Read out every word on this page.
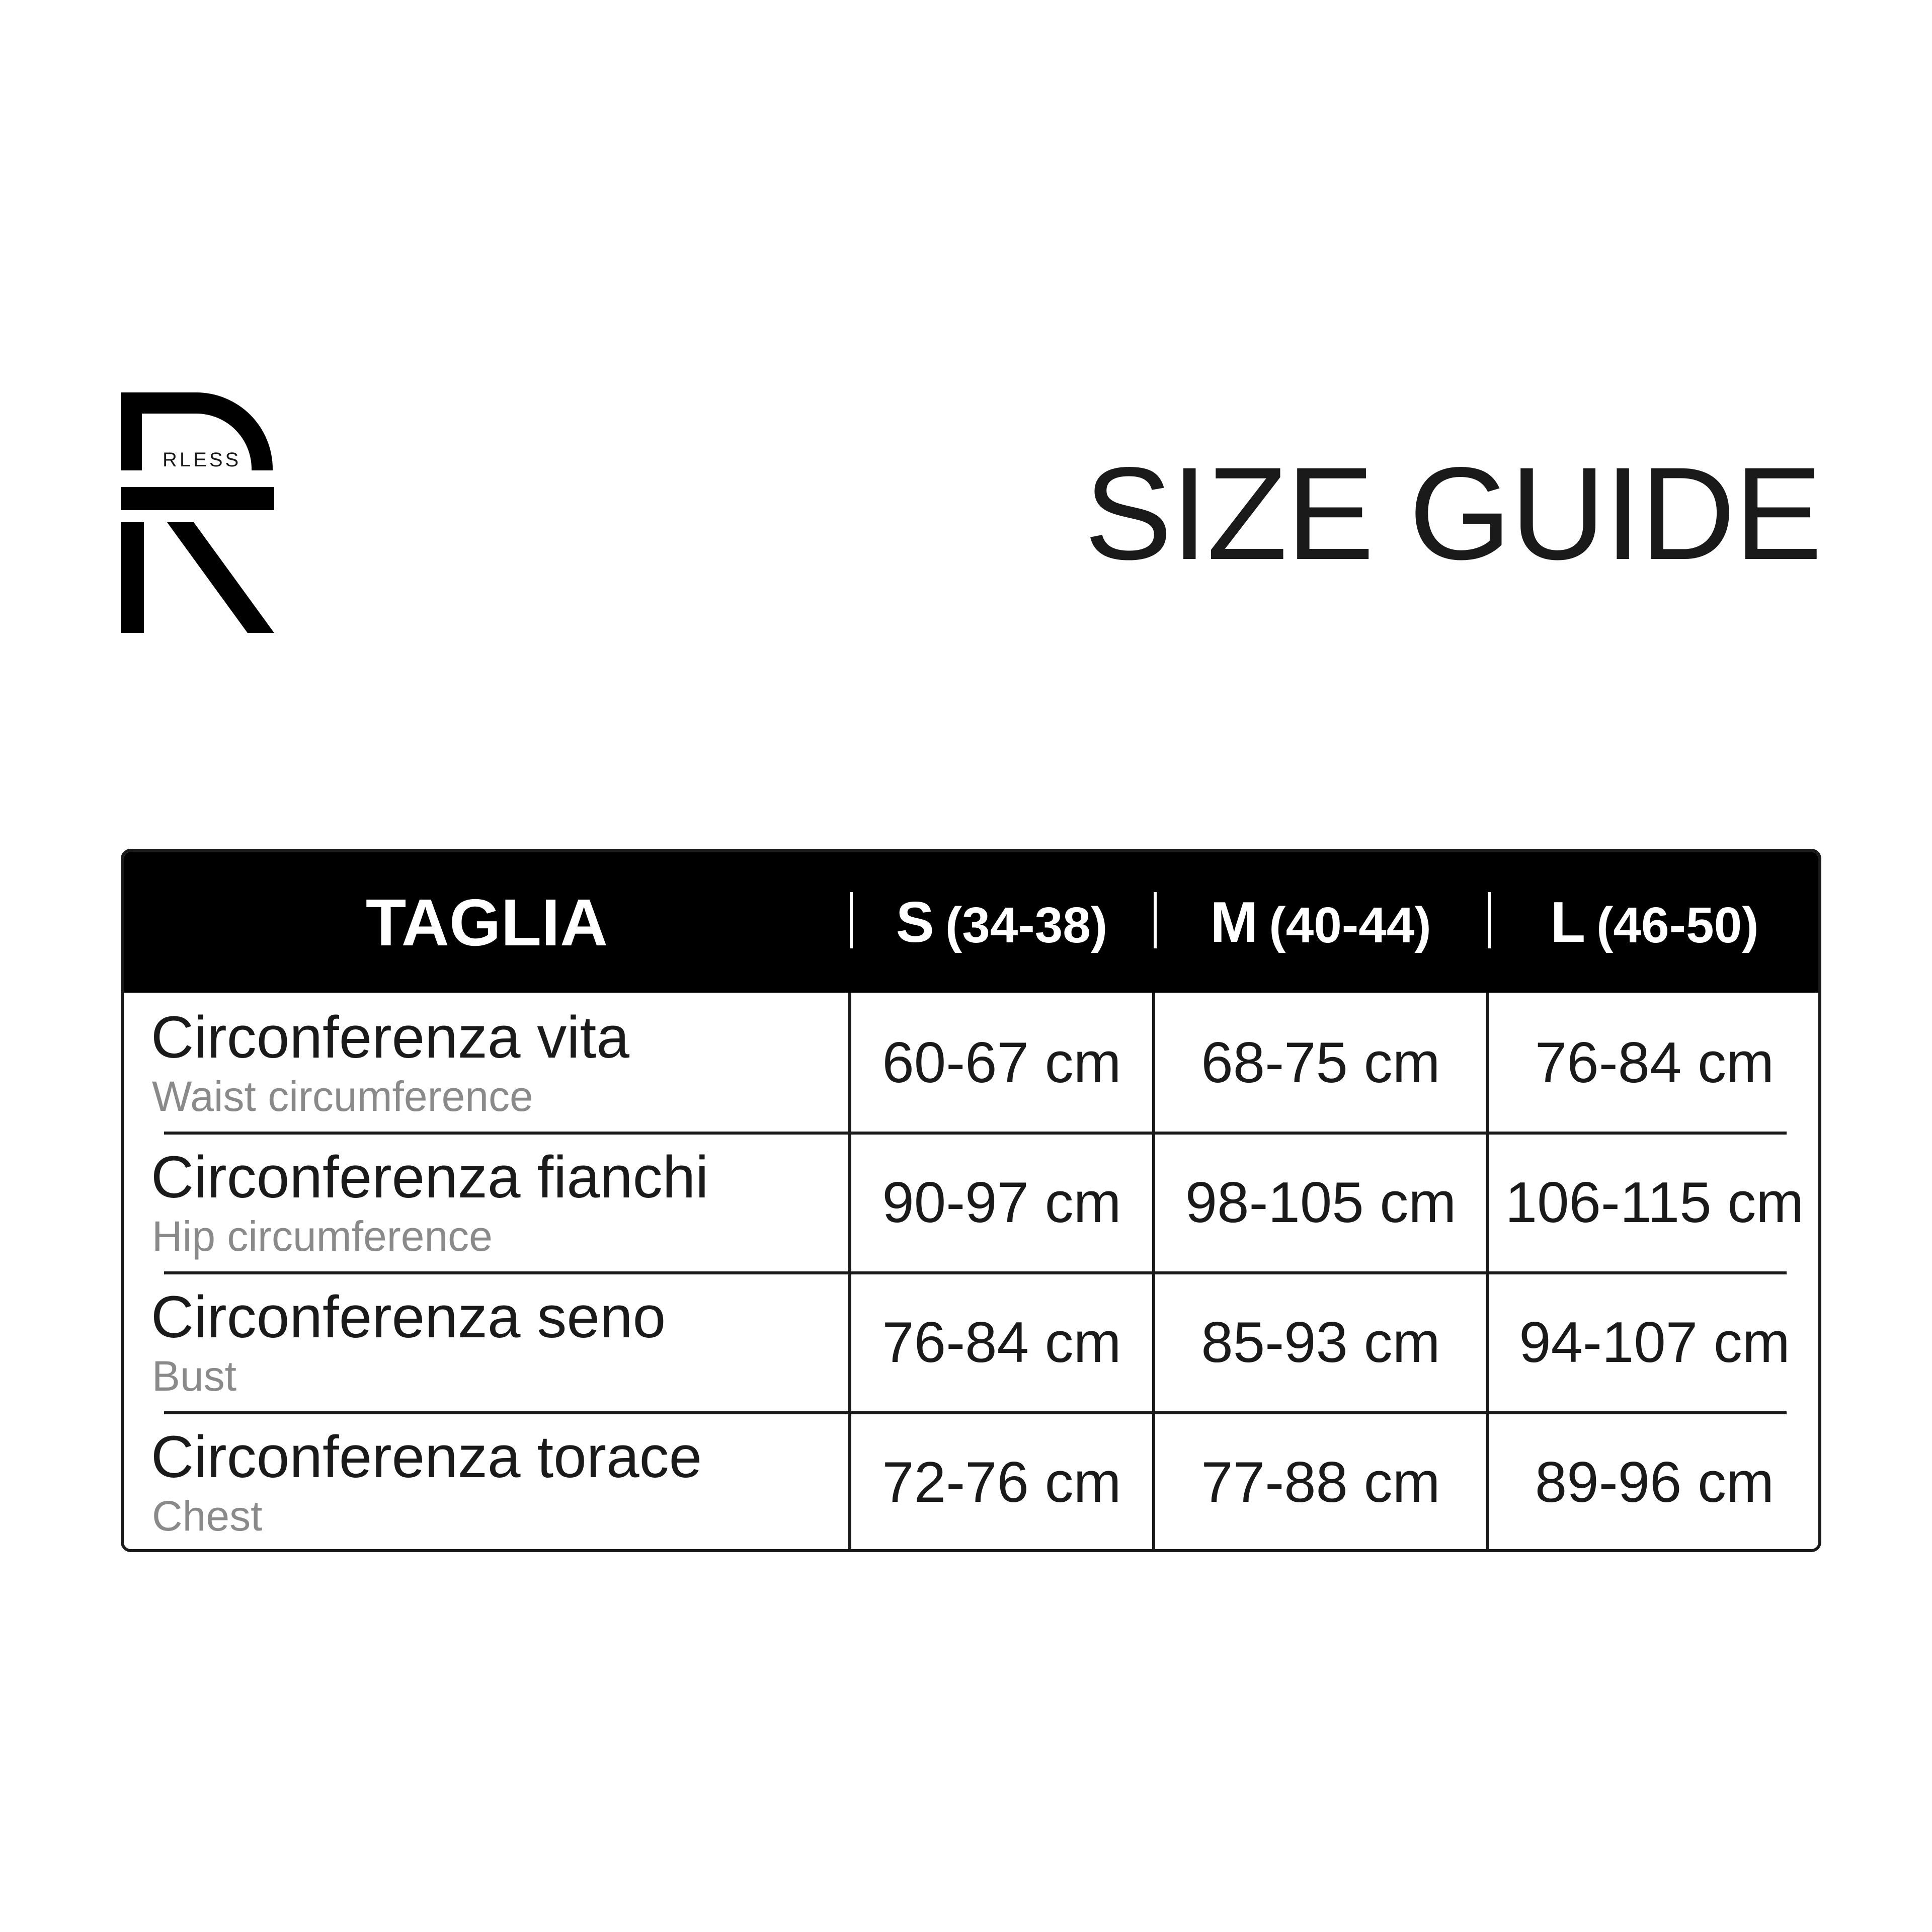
RLESS	SIZE GUIDE
TAGLIA	S (34-38) M (40-44) L (46-50)
Circonferenza vita
Waist circumference
60-67 cm	68-75 cm	76-84 cm
Circonferenza fianchi
Hip circumference
90-97 cm	98-105 cm 106-115 cm
Circonferenza seno
Bust
76-84 cm	85-93 cm	94-107 cm
Circonferenza torace
Chest
72-76 cm	77-88 cm	89-96 cm
